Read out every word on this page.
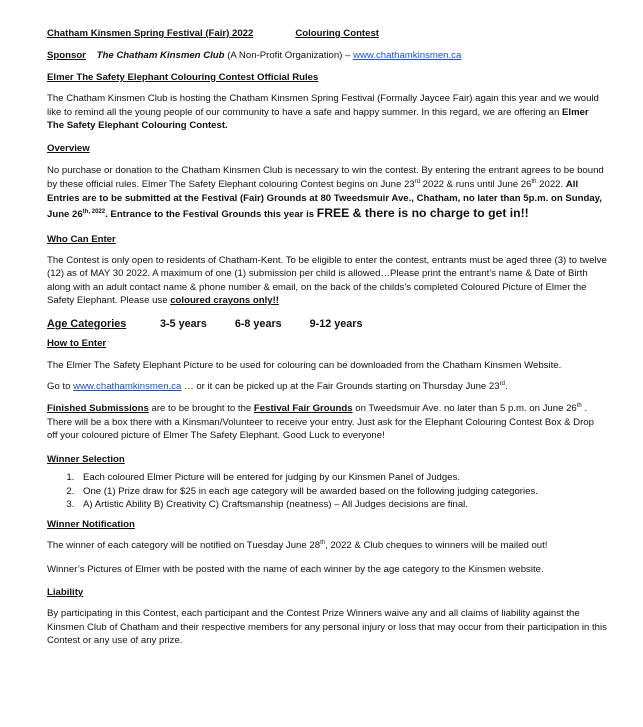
Chatham Kinsmen Spring Festival (Fair) 2022	Colouring Contest
Sponsor The Chatham Kinsmen Club (A Non-Profit Organization) – www.chathamkinsmen.ca
Elmer The Safety Elephant Colouring Contest Official Rules
The Chatham Kinsmen Club is hosting the Chatham Kinsmen Spring Festival (Formally Jaycee Fair) again this year and we would like to remind all the young people of our community to have a safe and happy summer. In this regard, we are offering an Elmer The Safety Elephant Colouring Contest.
Overview
No purchase or donation to the Chatham Kinsmen Club is necessary to win the contest. By entering the entrant agrees to be bound by these official rules. Elmer The Safety Elephant colouring Contest begins on June 23rd 2022 & runs until June 26th 2022. All Entries are to be submitted at the Festival (Fair) Grounds at 80 Tweedsmuir Ave., Chatham, no later than 5p.m. on Sunday, June $26^{th, 2022}$. Entrance to the Festival Grounds this year is FREE & there is no charge to get in!!
Who Can Enter
The Contest is only open to residents of Chatham-Kent. To be eligible to enter the contest, entrants must be aged three (3) to twelve (12) as of MAY 30 2022. A maximum of one (1) submission per child is allowed…Please print the entrant’s name & Date of Birth along with an adult contact name & phone number & email, on the back of the childs’s completed Coloured Picture of Elmer the Safety Elephant. Please use coloured crayons only!!
Age Categories	3-5 years	6-8 years	9-12 years
How to Enter
The Elmer The Safety Elephant Picture to be used for colouring can be downloaded from the Chatham Kinsmen Website.
Go to www.chathamkinsmen.ca … or it can be picked up at the Fair Grounds starting on Thursday June 23rd.
Finished Submissions are to be brought to the Festival Fair Grounds on Tweedsmuir Ave. no later than 5 p.m. on June 26th . There will be a box there with a Kinsman/Volunteer to receive your entry. Just ask for the Elephant Colouring Contest Box & Drop off your coloured picture of Elmer The Safety Elephant. Good Luck to everyone!
Winner Selection
1. Each coloured Elmer Picture will be entered for judging by our Kinsmen Panel of Judges.
2. One (1) Prize draw for $25 in each age category will be awarded based on the following judging categories.
3. A) Artistic Ability B) Creativity C) Craftsmanship (neatness) – All Judges decisions are final.
Winner Notification
The winner of each category will be notified on Tuesday June 28th, 2022 & Club cheques to winners will be mailed out!
Winner’s Pictures of Elmer with be posted with the name of each winner by the age category to the Kinsmen website.
Liability
By participating in this Contest, each participant and the Contest Prize Winners waive any and all claims of liability against the Kinsmen Club of Chatham and their respective members for any personal injury or loss that may occur from their participation in this Contest or any use of any prize.
